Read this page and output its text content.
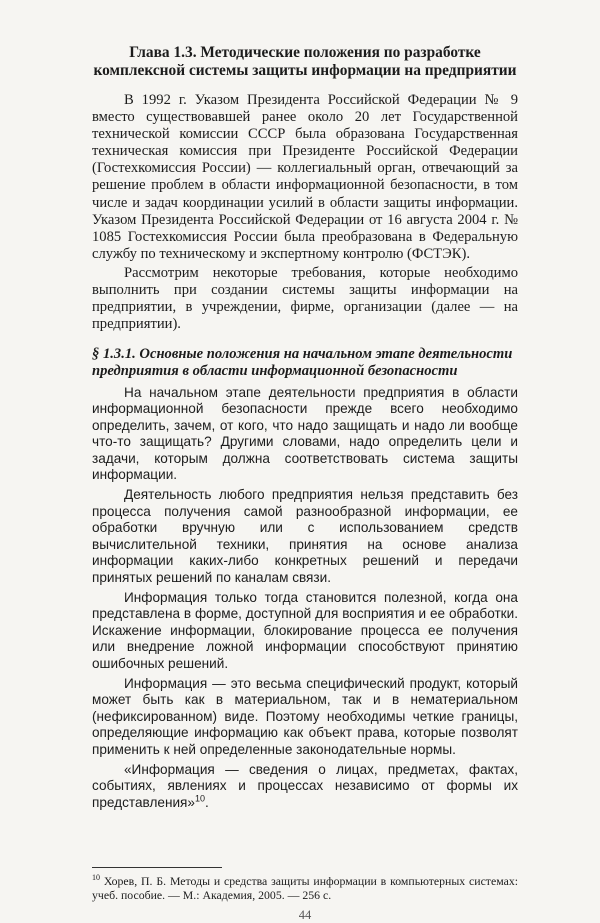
Глава 1.3. Методические положения по разработке
комплексной системы защиты информации на предприятии

В 1992 г. Указом Президента Российской Федерации № 9 вместо существовавшей ранее около 20 лет Государственной технической комиссии СССР была образована Государственная техническая комиссия при Президенте Российской Федерации (Гостехкомиссия России) — коллегиальный орган, отвечающий за решение проблем в области информационной безопасности, в том числе и задач координации усилий в области защиты информации. Указом Президента Российской Федерации от 16 августа 2004 г. № 1085 Гостехкомиссия России была преобразована в Федеральную службу по техническому и экспертному контролю (ФСТЭК).

Рассмотрим некоторые требования, которые необходимо выполнить при создании системы защиты информации на предприятии, в учреждении, фирме, организации (далее — на предприятии).

§ 1.3.1. Основные положения на начальном этапе деятельности
предприятия в области информационной безопасности

На начальном этапе деятельности предприятия в области информационной безопасности прежде всего необходимо определить, зачем, от кого, что надо защищать и надо ли вообще что-то защищать? Другими словами, надо определить цели и задачи, которым должна соответствовать система защиты информации.

Деятельность любого предприятия нельзя представить без процесса получения самой разнообразной информации, ее обработки вручную или с использованием средств вычислительной техники, принятия на основе анализа информации каких-либо конкретных решений и передачи принятых решений по каналам связи.

Информация только тогда становится полезной, когда она представлена в форме, доступной для восприятия и ее обработки. Искажение информации, блокирование процесса ее получения или внедрение ложной информации способствуют принятию ошибочных решений.

Информация — это весьма специфический продукт, который может быть как в материальном, так и в нематериальном (нефиксированном) виде. Поэтому необходимы четкие границы, определяющие информацию как объект права, которые позволят применить к ней определенные законодательные нормы.

«Информация — сведения о лицах, предметах, фактах, событиях, явлениях и процессах независимо от формы их представления»$^{10}$.

$^{10}$ Хорев, П. Б. Методы и средства защиты информации в компьютерных системах: учеб. пособие. — М.: Академия, 2005. — 256 с.
44
